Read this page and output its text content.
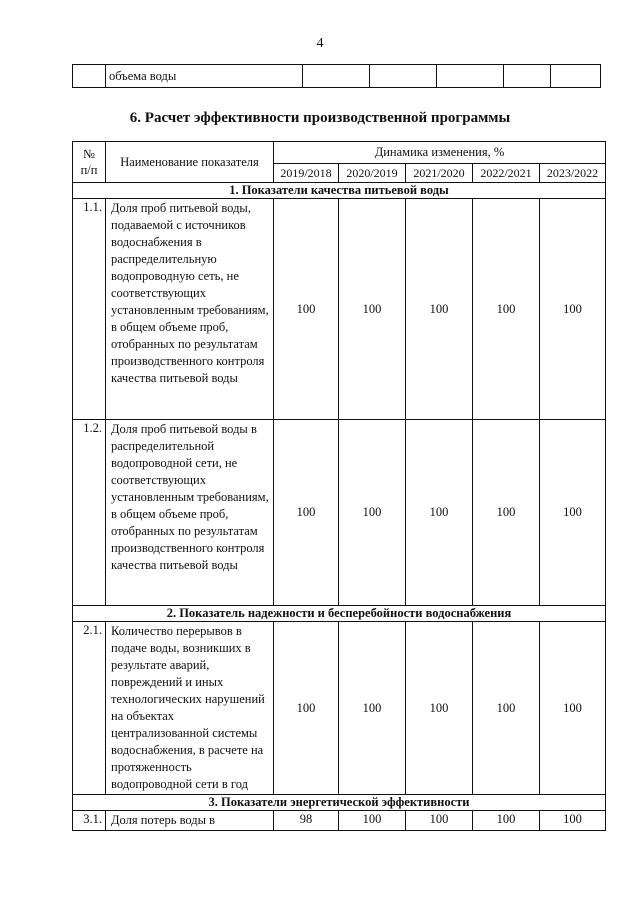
4
	объема воды					
6. Расчет эффективности производственной программы
№
п/п	Наименование показателя	Динамика изменения, %				
		2019/2018	2020/2019	2021/2020	2022/2021	2023/2022
1. Показатели качества питьевой воды						
1.1.	Доля проб питьевой воды, подаваемой с источников водоснабжения в распределительную водопроводную сеть, не соответствующих установленным требованиям, в общем объеме проб, отобранных по результатам производственного контроля качества питьевой воды	100	100	100	100	100
1.2.	Доля проб питьевой воды в распределительной водопроводной сети, не соответствующих установленным требованиям, в общем объеме проб, отобранных по результатам производственного контроля качества питьевой воды	100	100	100	100	100
2. Показатель надежности и бесперебойности водоснабжения						
2.1.	Количество перерывов в подаче воды, возникших в результате аварий, повреждений и иных технологических нарушений на объектах централизованной системы водоснабжения, в расчете на протяженность водопроводной сети в год	100	100	100	100	100
3. Показатели энергетической эффективности						
3.1.	Доля потерь воды в	98	100	100	100	100
